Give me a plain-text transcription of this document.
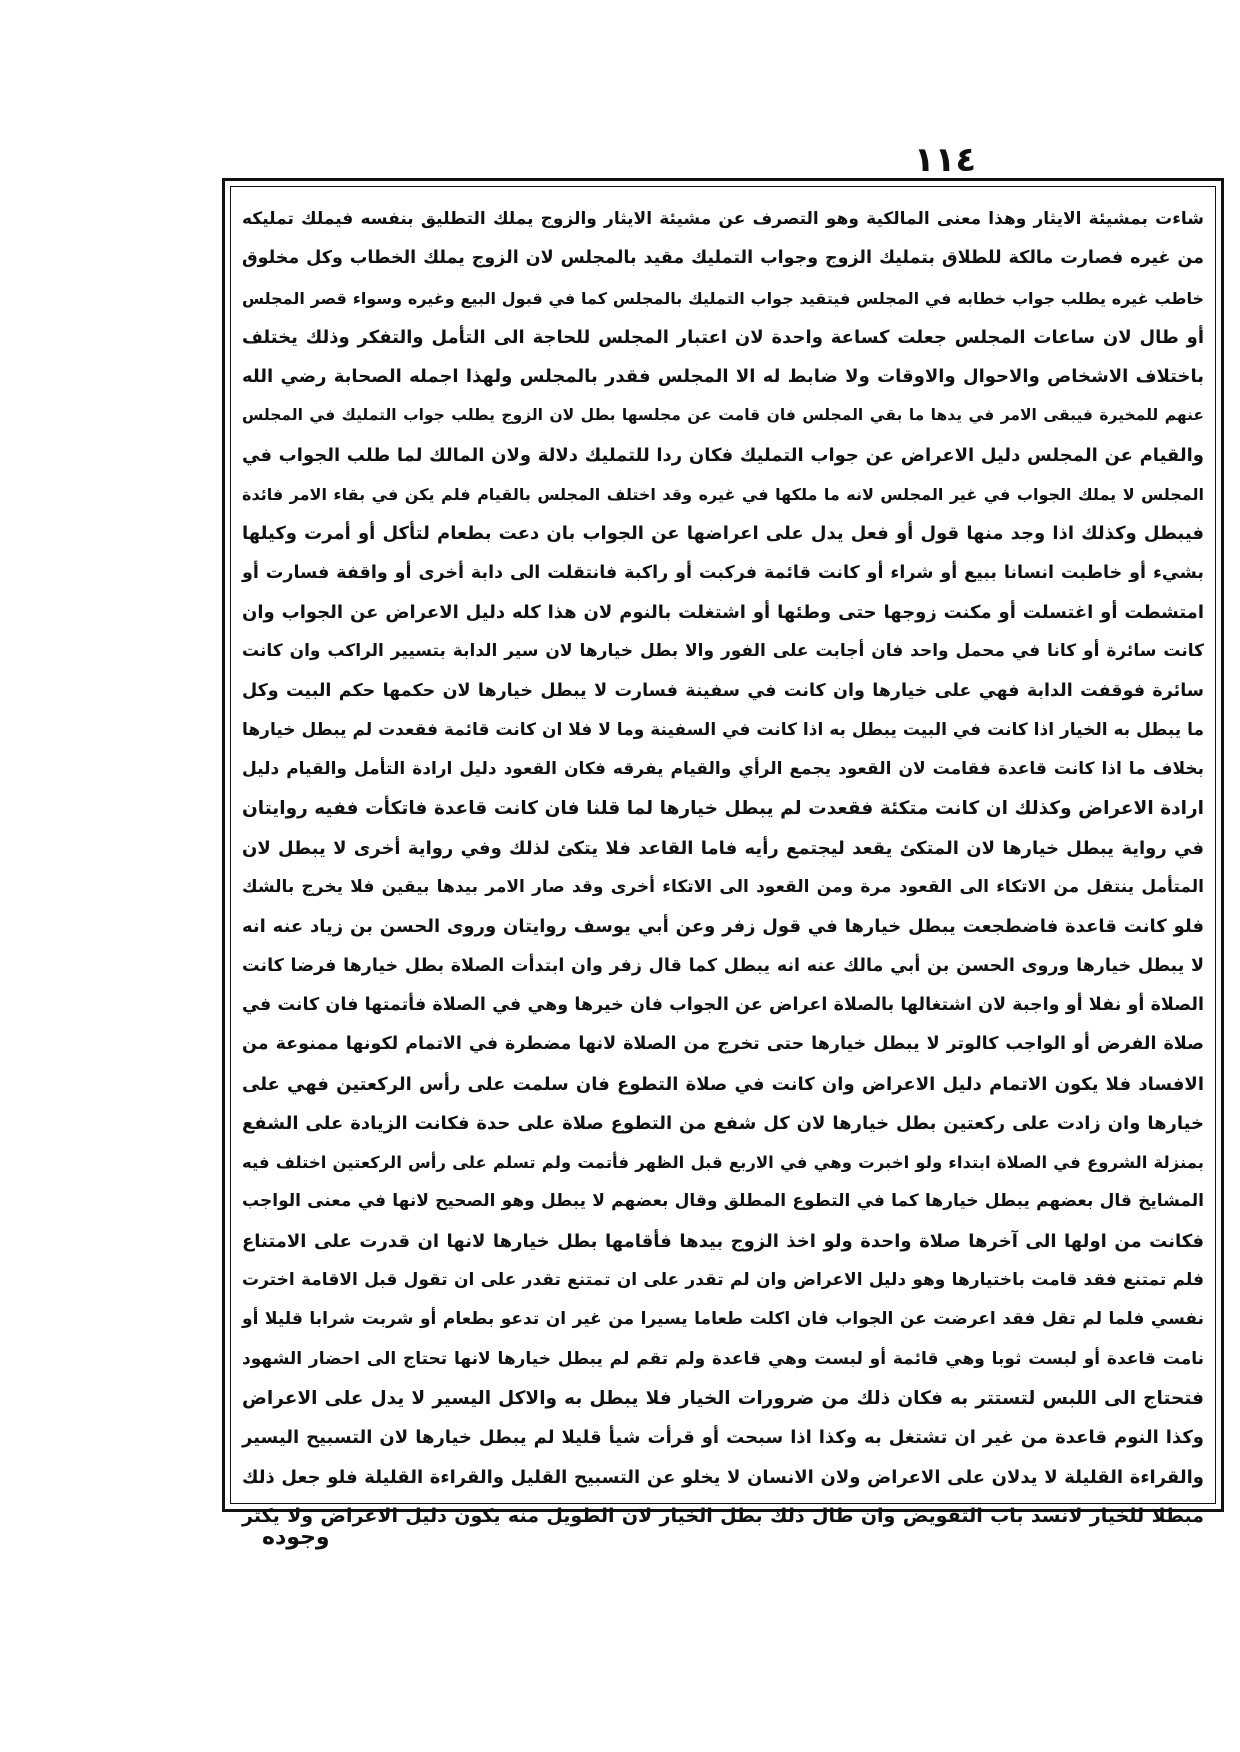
١١٤
شاءت بمشيئة الايثار وهذا معنى المالكية وهو التصرف عن مشيئة الايثار والزوج يملك التطليق بنفسه فيملك تمليكه
من غيره فصارت مالكة للطلاق بتمليك الزوج وجواب التمليك مقيد بالمجلس لان الزوج يملك الخطاب وكل مخلوق
خاطب غيره يطلب جواب خطابه في المجلس فيتقيد جواب التمليك بالمجلس كما في قبول البيع وغيره وسواء قصر المجلس
أو طال لان ساعات المجلس جعلت كساعة واحدة لان اعتبار المجلس للحاجة الى التأمل والتفكر وذلك يختلف
باختلاف الاشخاص والاحوال والاوقات ولا ضابط له الا المجلس فقدر بالمجلس ولهذا اجمله الصحابة رضي الله
عنهم للمخيرة فيبقى الامر في يدها ما بقي المجلس فان قامت عن مجلسها بطل لان الزوج يطلب جواب التمليك في المجلس
والقيام عن المجلس دليل الاعراض عن جواب التمليك فكان ردا للتمليك دلالة ولان المالك لما طلب الجواب في
المجلس لا يملك الجواب في غير المجلس لانه ما ملكها في غيره وقد اختلف المجلس بالقيام فلم يكن في بقاء الامر فائدة
فيبطل وكذلك اذا وجد منها قول أو فعل يدل على اعراضها عن الجواب بان دعت بطعام لتأكل أو أمرت وكيلها
بشيء أو خاطبت انسانا ببيع أو شراء أو كانت قائمة فركبت أو راكبة فانتقلت الى دابة أخرى أو واقفة فسارت أو
امتشطت أو اغتسلت أو مكنت زوجها حتى وطئها أو اشتغلت بالنوم لان هذا كله دليل الاعراض عن الجواب وان
كانت سائرة أو كانا في محمل واحد فان أجابت على الفور والا بطل خيارها لان سير الدابة بتسيير الراكب وان كانت
سائرة فوقفت الدابة فهي على خيارها وان كانت في سفينة فسارت لا يبطل خيارها لان حكمها حكم البيت وكل
ما يبطل به الخيار اذا كانت في البيت يبطل به اذا كانت في السفينة وما لا فلا ان كانت قائمة فقعدت لم يبطل خيارها
بخلاف ما اذا كانت قاعدة فقامت لان القعود يجمع الرأي والقيام يفرقه فكان القعود دليل ارادة التأمل والقيام دليل
ارادة الاعراض وكذلك ان كانت متكئة فقعدت لم يبطل خيارها لما قلنا فان كانت قاعدة فاتكأت ففيه روايتان
في رواية يبطل خيارها لان المتكئ يقعد ليجتمع رأيه فاما القاعد فلا يتكئ لذلك وفي رواية أخرى لا يبطل لان
المتأمل ينتقل من الاتكاء الى القعود مرة ومن القعود الى الاتكاء أخرى وقد صار الامر بيدها بيقين فلا يخرج بالشك
فلو كانت قاعدة فاضطجعت يبطل خيارها في قول زفر وعن أبي يوسف روايتان وروى الحسن بن زياد عنه انه
لا يبطل خيارها وروى الحسن بن أبي مالك عنه انه يبطل كما قال زفر وان ابتدأت الصلاة بطل خيارها فرضا كانت
الصلاة أو نفلا أو واجبة لان اشتغالها بالصلاة اعراض عن الجواب فان خيرها وهي في الصلاة فأتمتها فان كانت في
صلاة الفرض أو الواجب كالوتر لا يبطل خيارها حتى تخرج من الصلاة لانها مضطرة في الاتمام لكونها ممنوعة من
الافساد فلا يكون الاتمام دليل الاعراض وان كانت في صلاة التطوع فان سلمت على رأس الركعتين فهي على
خيارها وان زادت على ركعتين بطل خيارها لان كل شفع من التطوع صلاة على حدة فكانت الزيادة على الشفع
بمنزلة الشروع في الصلاة ابتداء ولو اخبرت وهي في الاربع قبل الظهر فأتمت ولم تسلم على رأس الركعتين اختلف فيه
المشايخ قال بعضهم يبطل خيارها كما في التطوع المطلق وقال بعضهم لا يبطل وهو الصحيح لانها في معنى الواجب
فكانت من اولها الى آخرها صلاة واحدة ولو اخذ الزوج بيدها فأقامها بطل خيارها لانها ان قدرت على الامتناع
فلم تمتنع فقد قامت باختيارها وهو دليل الاعراض وان لم تقدر على ان تمتنع تقدر على ان تقول قبل الاقامة اخترت
نفسي فلما لم تقل فقد اعرضت عن الجواب فان اكلت طعاما يسيرا من غير ان تدعو بطعام أو شربت شرابا قليلا أو
نامت قاعدة أو لبست ثوبا وهي قائمة أو لبست وهي قاعدة ولم تقم لم يبطل خيارها لانها تحتاج الى احضار الشهود
فتحتاج الى اللبس لتستتر به فكان ذلك من ضرورات الخيار فلا يبطل به والاكل اليسير لا يدل على الاعراض
وكذا النوم قاعدة من غير ان تشتغل به وكذا اذا سبحت أو قرأت شيأ قليلا لم يبطل خيارها لان التسبيح اليسير
والقراءة القليلة لا يدلان على الاعراض ولان الانسان لا يخلو عن التسبيح القليل والقراءة القليلة فلو جعل ذلك
مبطلا للخيار لانسد باب التفويض وان طال ذلك بطل الخيار لان الطويل منه يكون دليل الاعراض ولا يكثر
وجوده
